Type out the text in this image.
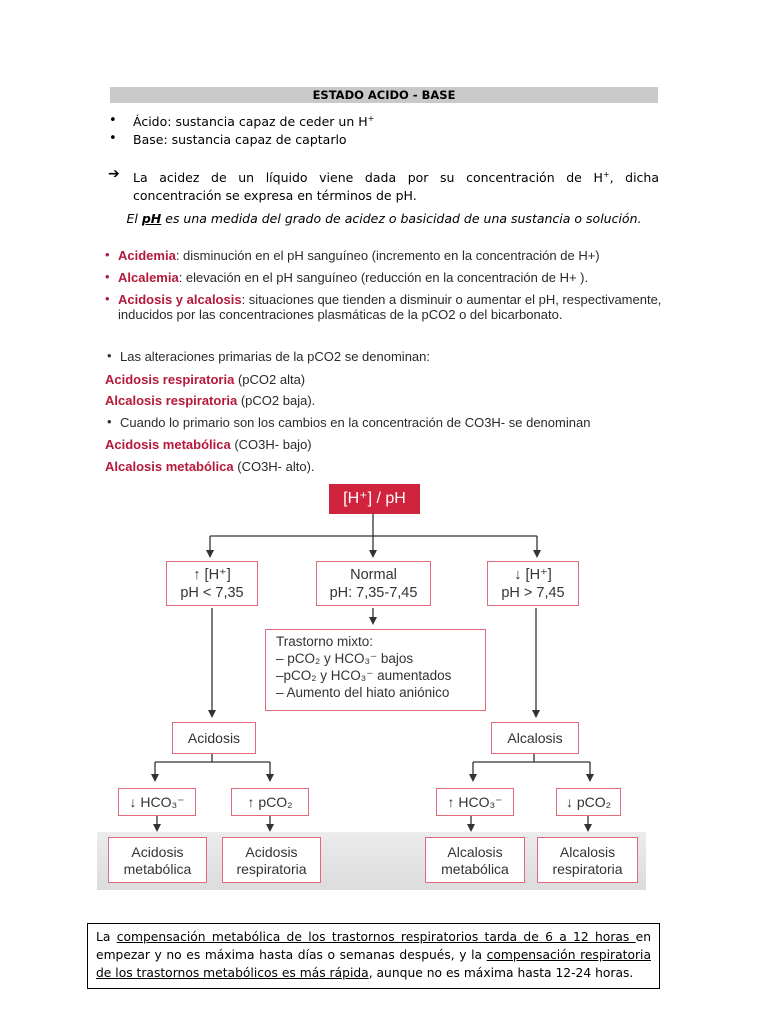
ESTADO ACIDO - BASE
• Ácido: sustancia capaz de ceder un H+
• Base: sustancia capaz de captarlo
➔ La acidez de un líquido viene dada por su concentración de H+, dicha concentración se expresa en términos de pH.
El pH es una medida del grado de acidez o basicidad de una sustancia o solución.
• Acidemia: disminución en el pH sanguíneo (incremento en la concentración de H+)
• Alcalemia: elevación en el pH sanguíneo (reducción en la concentración de H+ ).
• Acidosis y alcalosis: situaciones que tienden a disminuir o aumentar el pH, respectivamente,
inducidos por las concentraciones plasmáticas de la pCO2 o del bicarbonato.
• Las alteraciones primarias de la pCO2 se denominan:
Acidosis respiratoria (pCO2 alta)
Alcalosis respiratoria (pCO2 baja).
• Cuando lo primario son los cambios en la concentración de CO3H- se denominan
Acidosis metabólica (CO3H- bajo)
Alcalosis metabólica (CO3H- alto).
[H⁺] / pH
↑ [H⁺]
pH < 7,35
Normal
pH: 7,35-7,45
↓ [H⁺]
pH > 7,45
Trastorno mixto:
– pCO₂ y HCO₃⁻ bajos
–pCO₂ y HCO₃⁻ aumentados
– Aumento del hiato aniónico
Acidosis	Alcalosis
↓ HCO₃⁻	↑ pCO₂	↑ HCO₃⁻	↓ pCO₂
Acidosis
metabólica
Acidosis
respiratoria
Alcalosis
metabólica
Alcalosis
respiratoria
La compensación metabólica de los trastornos respiratorios tarda de 6 a 12 horas en empezar y no es máxima hasta días o semanas después, y la compensación respiratoria de los trastornos metabólicos es más rápida, aunque no es máxima hasta 12-24 horas.
